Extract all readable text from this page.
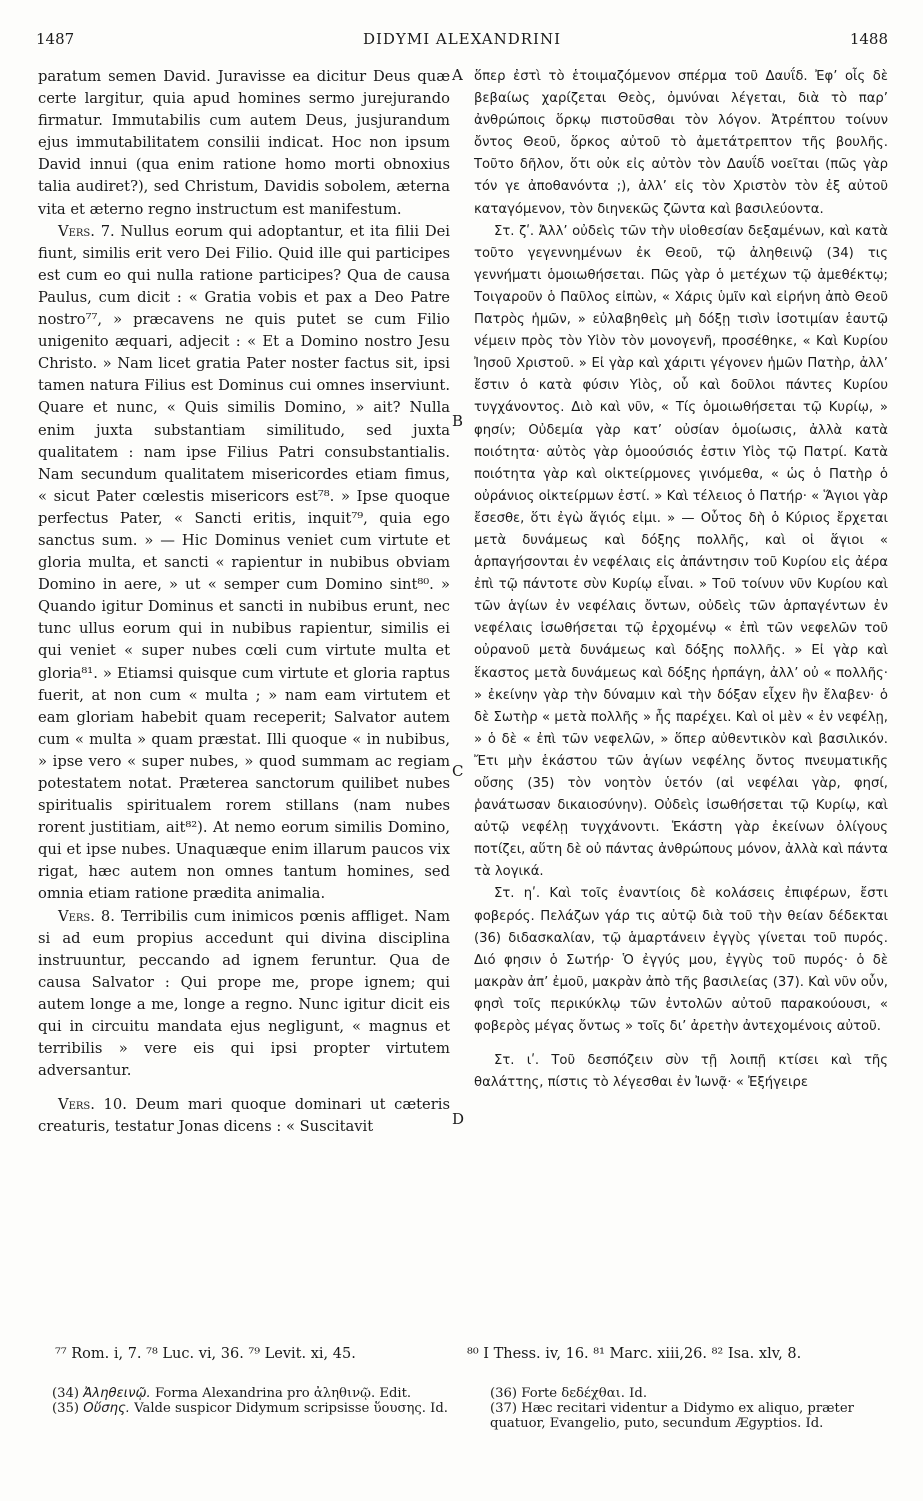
1487	DIDYMI ALEXANDRINI	1488

paratum semen David. Juravisse ea dicitur Deus quæ certe largitur, quia apud homines sermo jurejurando firmatur. Immutabilis cum autem Deus, jusjurandum ejus immutabilitatem consilii indicat. Hoc non ipsum David innui (qua enim ratione homo morti obnoxius talia audiret?), sed Christum, Davidis sobolem, æterna vita et æterno regno instructum est manifestum.

Vers. 7. Nullus eorum qui adoptantur, et ita filii Dei fiunt, similis erit vero Dei Filio. Quid ille qui participes est cum eo qui nulla ratione participes? Qua de causa Paulus, cum dicit : « Gratia vobis et pax a Deo Patre nostro⁷⁷, » præcavens ne quis putet se cum Filio unigenito æquari, adjecit : « Et a Domino nostro Jesu Christo. » Nam licet gratia Pater noster factus sit, ipsi tamen natura Filius est Dominus cui omnes inserviunt. Quare et nunc, « Quis similis Domino, » ait? Nulla enim juxta substantiam similitudo, sed juxta qualitatem : nam ipse Filius Patri consubstantialis. Nam secundum qualitatem misericordes etiam fimus, « sicut Pater cœlestis misericors est⁷⁸. » Ipse quoque perfectus Pater, « Sancti eritis, inquit⁷⁹, quia ego sanctus sum. » — Hic Dominus veniet cum virtute et gloria multa, et sancti « rapientur in nubibus obviam Domino in aere, » ut « semper cum Domino sint⁸⁰. » Quando igitur Dominus et sancti in nubibus erunt, nec tunc ullus eorum qui in nubibus rapientur, similis ei qui veniet « super nubes cœli cum virtute multa et gloria⁸¹. » Etiamsi quisque cum virtute et gloria raptus fuerit, at non cum « multa ; » nam eam virtutem et eam gloriam habebit quam receperit; Salvator autem cum « multa » quam præstat. Illi quoque « in nubibus, » ipse vero « super nubes, » quod summam ac regiam potestatem notat. Præterea sanctorum quilibet nubes spiritualis spiritualem rorem stillans (nam nubes rorent justitiam, ait⁸²). At nemo eorum similis Domino, qui et ipse nubes. Unaquæque enim illarum paucos vix rigat, hæc autem non omnes tantum homines, sed omnia etiam ratione prædita animalia.

Vers. 8. Terribilis cum inimicos pœnis affliget. Nam si ad eum propius accedunt qui divina disciplina instruuntur, peccando ad ignem feruntur. Qua de causa Salvator : Qui prope me, prope ignem; qui autem longe a me, longe a regno. Nunc igitur dicit eis qui in circuitu mandata ejus negligunt, « magnus et terribilis » vere eis qui ipsi propter virtutem adversantur.

Vers. 10. Deum mari quoque dominari ut cæteris creaturis, testatur Jonas dicens : « Suscitavit

A
B
C
D

ὅπερ ἐστὶ τὸ ἑτοιμαζόμενον σπέρμα τοῦ Δαυΐδ. Ἐφ’ οἷς δὲ βεβαίως χαρίζεται Θεὸς, ὀμνύναι λέγεται, διὰ τὸ παρ’ ἀνθρώποις ὅρκῳ πιστοῦσθαι τὸν λόγον. Ἀτρέπτου τοίνυν ὄντος Θεοῦ, ὅρκος αὐτοῦ τὸ ἀμετάτρεπτον τῆς βουλῆς. Τοῦτο δῆλον, ὅτι οὐκ εἰς αὐτὸν τὸν Δαυΐδ νοεῖται (πῶς γὰρ τόν γε ἀποθανόντα ;), ἀλλ’ εἰς τὸν Χριστὸν τὸν ἐξ αὐτοῦ καταγόμενον, τὸν διηνεκῶς ζῶντα καὶ βασιλεύοντα.

Στ. ζʹ. Ἀλλ’ οὐδεὶς τῶν τὴν υἱοθεσίαν δεξαμένων, καὶ κατὰ τοῦτο γεγεννημένων ἐκ Θεοῦ, τῷ ἀληθεινῷ (34) τις γεννήματι ὁμοιωθήσεται. Πῶς γὰρ ὁ μετέχων τῷ ἀμεθέκτῳ; Τοιγαροῦν ὁ Παῦλος εἰπὼν, « Χάρις ὑμῖν καὶ εἰρήνη ἀπὸ Θεοῦ Πατρὸς ἡμῶν, » εὐλαβηθεὶς μὴ δόξῃ τισὶν ἰσοτιμίαν ἑαυτῷ νέμειν πρὸς τὸν Υἱὸν τὸν μονογενῆ, προσέθηκε, « Καὶ Κυρίου Ἰησοῦ Χριστοῦ. » Εἰ γὰρ καὶ χάριτι γέγονεν ἡμῶν Πατὴρ, ἀλλ’ ἔστιν ὁ κατὰ φύσιν Υἱὸς, οὗ καὶ δοῦλοι πάντες Κυρίου τυγχάνοντος. Διὸ καὶ νῦν, « Τίς ὁμοιωθήσεται τῷ Κυρίῳ, » φησίν; Οὐδεμία γὰρ κατ’ οὐσίαν ὁμοίωσις, ἀλλὰ κατὰ ποιότητα· αὐτὸς γὰρ ὁμοούσιός ἐστιν Υἱὸς τῷ Πατρί. Κατὰ ποιότητα γὰρ καὶ οἰκτείρμονες γινόμεθα, « ὡς ὁ Πατὴρ ὁ οὐράνιος οἰκτείρμων ἐστί. » Καὶ τέλειος ὁ Πατήρ· « Ἅγιοι γὰρ ἔσεσθε, ὅτι ἐγὼ ἅγιός εἰμι. » — Οὗτος δὴ ὁ Κύριος ἔρχεται μετὰ δυνάμεως καὶ δόξης πολλῆς, καὶ οἱ ἅγιοι « ἁρπαγήσονται ἐν νεφέλαις εἰς ἀπάντησιν τοῦ Κυρίου εἰς ἀέρα ἐπὶ τῷ πάντοτε σὺν Κυρίῳ εἶναι. » Τοῦ τοίνυν νῦν Κυρίου καὶ τῶν ἁγίων ἐν νεφέλαις ὄντων, οὐδεὶς τῶν ἁρπαγέντων ἐν νεφέλαις ἰσωθήσεται τῷ ἐρχομένῳ « ἐπὶ τῶν νεφελῶν τοῦ οὐρανοῦ μετὰ δυνάμεως καὶ δόξης πολλῆς. » Εἰ γὰρ καὶ ἕκαστος μετὰ δυνάμεως καὶ δόξης ἡρπάγη, ἀλλ’ οὐ « πολλῆς· » ἐκείνην γὰρ τὴν δύναμιν καὶ τὴν δόξαν εἶχεν ἣν ἔλαβεν· ὁ δὲ Σωτὴρ « μετὰ πολλῆς » ἧς παρέχει. Καὶ οἱ μὲν « ἐν νεφέλῃ, » ὁ δὲ « ἐπὶ τῶν νεφελῶν, » ὅπερ αὐθεντικὸν καὶ βασιλικόν. Ἔτι μὴν ἑκάστου τῶν ἁγίων νεφέλης ὄντος πνευματικῆς οὔσης (35) τὸν νοητὸν ὑετόν (αἱ νεφέλαι γὰρ, φησί, ῥανάτωσαν δικαιοσύνην). Οὐδεὶς ἰσωθήσεται τῷ Κυρίῳ, καὶ αὐτῷ νεφέλῃ τυγχάνοντι. Ἑκάστη γὰρ ἐκείνων ὀλίγους ποτίζει, αὕτη δὲ οὐ πάντας ἀνθρώπους μόνον, ἀλλὰ καὶ πάντα τὰ λογικά.

Στ. ηʹ. Καὶ τοῖς ἐναντίοις δὲ κολάσεις ἐπιφέρων, ἔστι φοβερός. Πελάζων γάρ τις αὐτῷ διὰ τοῦ τὴν θείαν δέδεκται (36) διδασκαλίαν, τῷ ἁμαρτάνειν ἐγγὺς γίνεται τοῦ πυρός. Διό φησιν ὁ Σωτήρ· Ὁ ἐγγύς μου, ἐγγὺς τοῦ πυρός· ὁ δὲ μακρὰν ἀπ’ ἐμοῦ, μακρὰν ἀπὸ τῆς βασιλείας (37). Καὶ νῦν οὖν, φησὶ τοῖς περικύκλῳ τῶν ἐντολῶν αὐτοῦ παρακούουσι, « φοβερὸς μέγας ὄντως » τοῖς δι’ ἀρετὴν ἀντεχομένοις αὐτοῦ.

Στ. ιʹ. Τοῦ δεσπόζειν σὺν τῇ λοιπῇ κτίσει καὶ τῆς θαλάττης, πίστις τὸ λέγεσθαι ἐν Ἰωνᾷ· « Ἐξήγειρε

⁷⁷ Rom. i, 7. ⁷⁸ Luc. vi, 36. ⁷⁹ Levit. xi, 45.	⁸⁰ I Thess. iv, 16. ⁸¹ Marc. xiii,26. ⁸² Isa. xlv, 8.

(34) Ἀληθεινῷ. Forma Alexandrina pro ἀληθινῷ. Edit.

(35) Οὔσης. Valde suspicor Didymum scripsisse ὕουσης. Id.

(36) Forte δεδέχθαι. Id.

(37) Hæc recitari videntur a Didymo ex aliquo, præter quatuor, Evangelio, puto, secundum Ægyptios. Id.
